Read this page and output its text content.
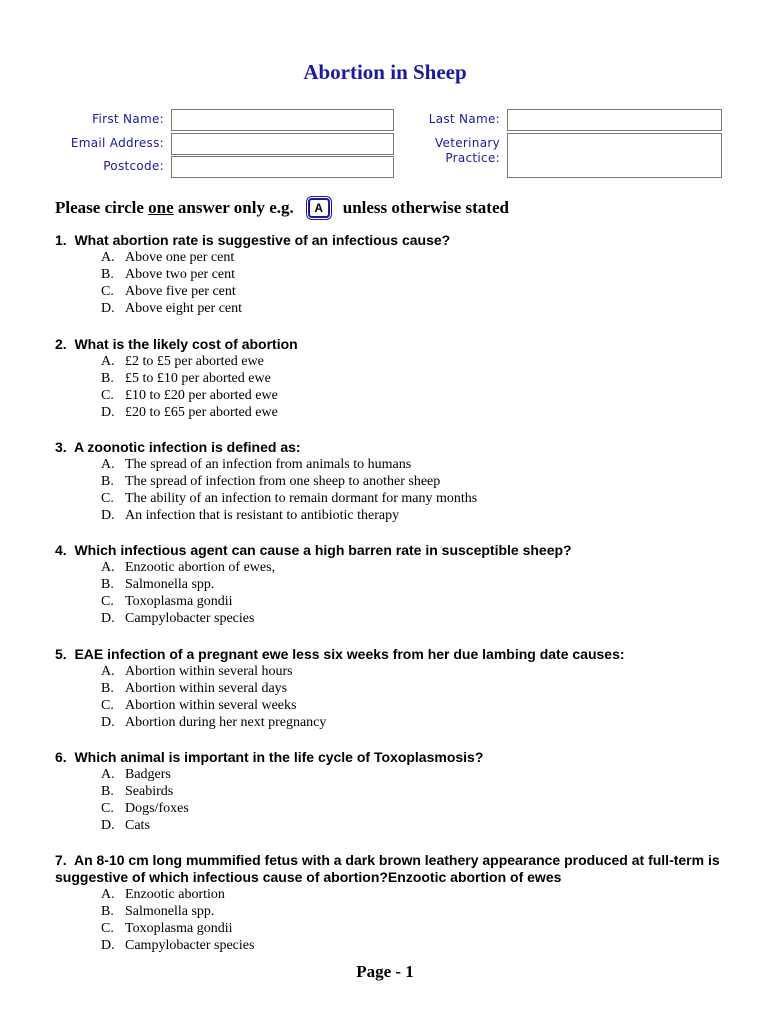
Abortion in Sheep
First Name:	Last Name:
Email Address:	Veterinary
Practice:
Postcode:
Please circle
one
answer only e.g.	A	unless otherwise stated
1. What abortion rate is suggestive of an infectious cause?
A. Above one per cent
B. Above two per cent
C. Above five per cent
D. Above eight per cent
2. What is the likely cost of abortion
A. £2 to £5 per aborted ewe
B. £5 to £10 per aborted ewe
C. £10 to £20 per aborted ewe
D. £20 to £65 per aborted ewe
3. A zoonotic infection is defined as:
A. The spread of an infection from animals to humans
B. The spread of infection from one sheep to another sheep
C. The ability of an infection to remain dormant for many months
D. An infection that is resistant to antibiotic therapy
4. Which infectious agent can cause a high barren rate in susceptible sheep?
A. Enzootic abortion of ewes,
B. Salmonella spp.
C. Toxoplasma gondii
D. Campylobacter species
5. EAE infection of a pregnant ewe less six weeks from her due lambing date causes:
A. Abortion within several hours
B. Abortion within several days
C. Abortion within several weeks
D. Abortion during her next pregnancy
6. Which animal is important in the life cycle of Toxoplasmosis?
A. Badgers
B. Seabirds
C. Dogs/foxes
D. Cats
7. An 8-10 cm long mummified fetus with a dark brown leathery appearance produced at full-term is suggestive of which infectious cause of abortion?Enzootic abortion of ewes
A. Enzootic abortion
B. Salmonella spp.
C. Toxoplasma gondii
D. Campylobacter species
Page - 1
